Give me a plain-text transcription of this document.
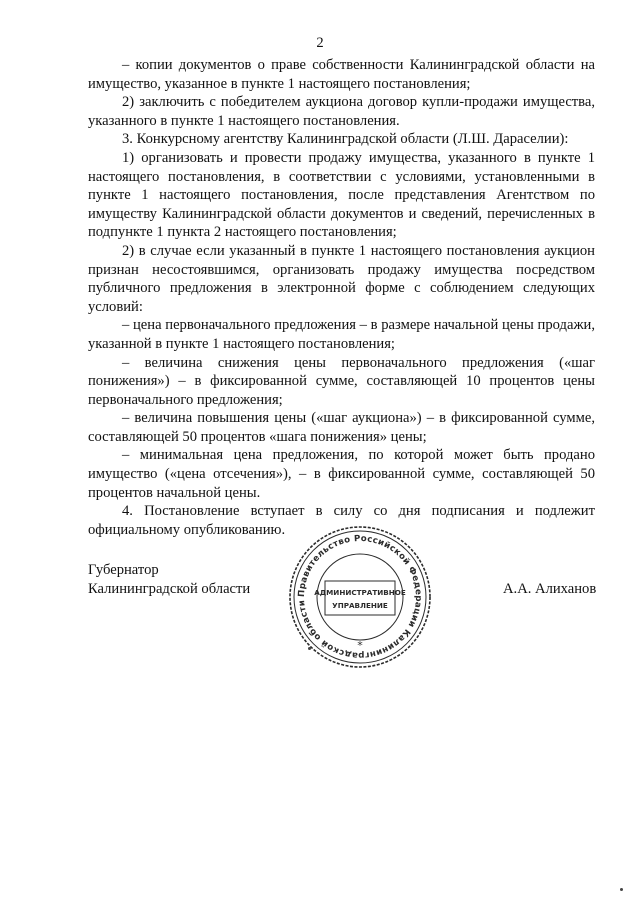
2

– копии документов о праве собственности Калининградской области на имущество, указанное в пункте 1 настоящего постановления;

2) заключить с победителем аукциона договор купли-продажи имущества, указанного в пункте 1 настоящего постановления.

3. Конкурсному агентству Калининградской области (Л.Ш. Дараселии):

1) организовать и провести продажу имущества, указанного в пункте 1 настоящего постановления, в соответствии с условиями, установленными в пункте 1 настоящего постановления, после представления Агентством по имуществу Калининградской области документов и сведений, перечисленных в подпункте 1 пункта 2 настоящего постановления;

2) в случае если указанный в пункте 1 настоящего постановления аукцион признан несостоявшимся, организовать продажу имущества посредством публичного предложения в электронной форме с соблюдением следующих условий:

– цена первоначального предложения – в размере начальной цены продажи, указанной в пункте 1 настоящего постановления;

– величина снижения цены первоначального предложения («шаг понижения») – в фиксированной сумме, составляющей 10 процентов цены первоначального предложения;

– величина повышения цены («шаг аукциона») – в фиксированной сумме, составляющей 50 процентов «шага понижения» цены;

– минимальная цена предложения, по которой может быть продано имущество («цена отсечения»), – в фиксированной сумме, составляющей 50 процентов начальной цены.

4. Постановление вступает в силу со дня подписания и подлежит официальному опубликованию.

Губернатор
Калининградской области	Правительство Российской Федерации Калининградской области
АДМИНИСТРАТИВНОЕ
УПРАВЛЕНИЕ
*
А.А. Алиханов
